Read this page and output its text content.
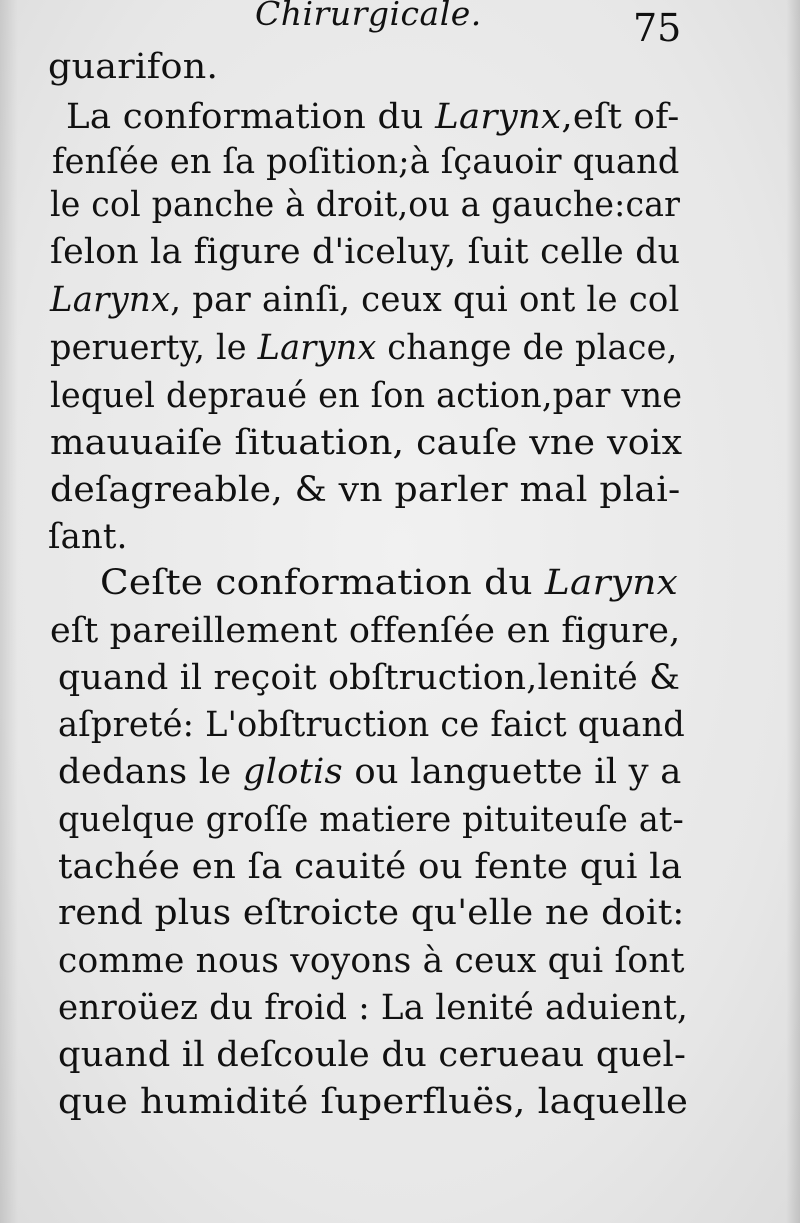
Chirurgicale.	75
guarifon.
La conformation du Larynx,eſt of-
fenſée en ſa poſition;à ſçauoir quand
le col panche à droit,ou a gauche:car
ſelon la figure d'iceluy, ſuit celle du
Larynx, par ainſi, ceux qui ont le col
peruerty, le Larynx change de place,
lequel depraué en ſon action,par vne
mauuaiſe ſituation, cauſe vne voix
deſagreable, & vn parler mal plai-
ſant.
Ceſte conformation du Larynx
eſt pareillement offenſée en figure,
quand il reçoit obſtruction,lenité &
aſpreté: L'obſtruction ce faict quand
dedans le glotis ou languette il y a
quelque groſſe matiere pituiteuſe at-
tachée en ſa cauité ou fente qui la
rend plus eſtroicte qu'elle ne doit:
comme nous voyons à ceux qui ſont
enroüez du froid : La lenité aduient,
quand il deſcoule du cerueau quel-
que humidité ſuperfluës, laquelle
